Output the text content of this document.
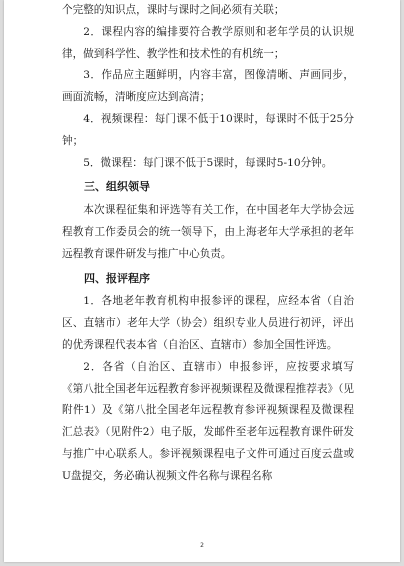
个完整的知识点，课时与课时之间必须有关联；

2．课程内容的编排要符合教学原则和老年学员的认识规律，做到科学性、教学性和技术性的有机统一；

3．作品应主题鲜明，内容丰富，图像清晰、声画同步，画面流畅，清晰度应达到高清；

4．视频课程：每门课不低于10课时，每课时不低于25分钟；

5．微课程：每门课不低于5课时，每课时5-10分钟。

三、组织领导

本次课程征集和评选等有关工作，在中国老年大学协会远程教育工作委员会的统一领导下，由上海老年大学承担的老年远程教育课件研发与推广中心负责。

四、报评程序

1．各地老年教育机构申报参评的课程，应经本省（自治区、直辖市）老年大学（协会）组织专业人员进行初评，评出的优秀课程代表本省（自治区、直辖市）参加全国性评选。

2．各省（自治区、直辖市）申报参评，应按要求填写《第八批全国老年远程教育参评视频课程及微课程推荐表》（见附件1）及《第八批全国老年远程教育参评视频课程及微课程汇总表》（见附件2）电子版，发邮件至老年远程教育课件研发与推广中心联系人。参评视频课程电子文件可通过百度云盘或U盘提交，务必确认视频文件名称与课程名称

2
